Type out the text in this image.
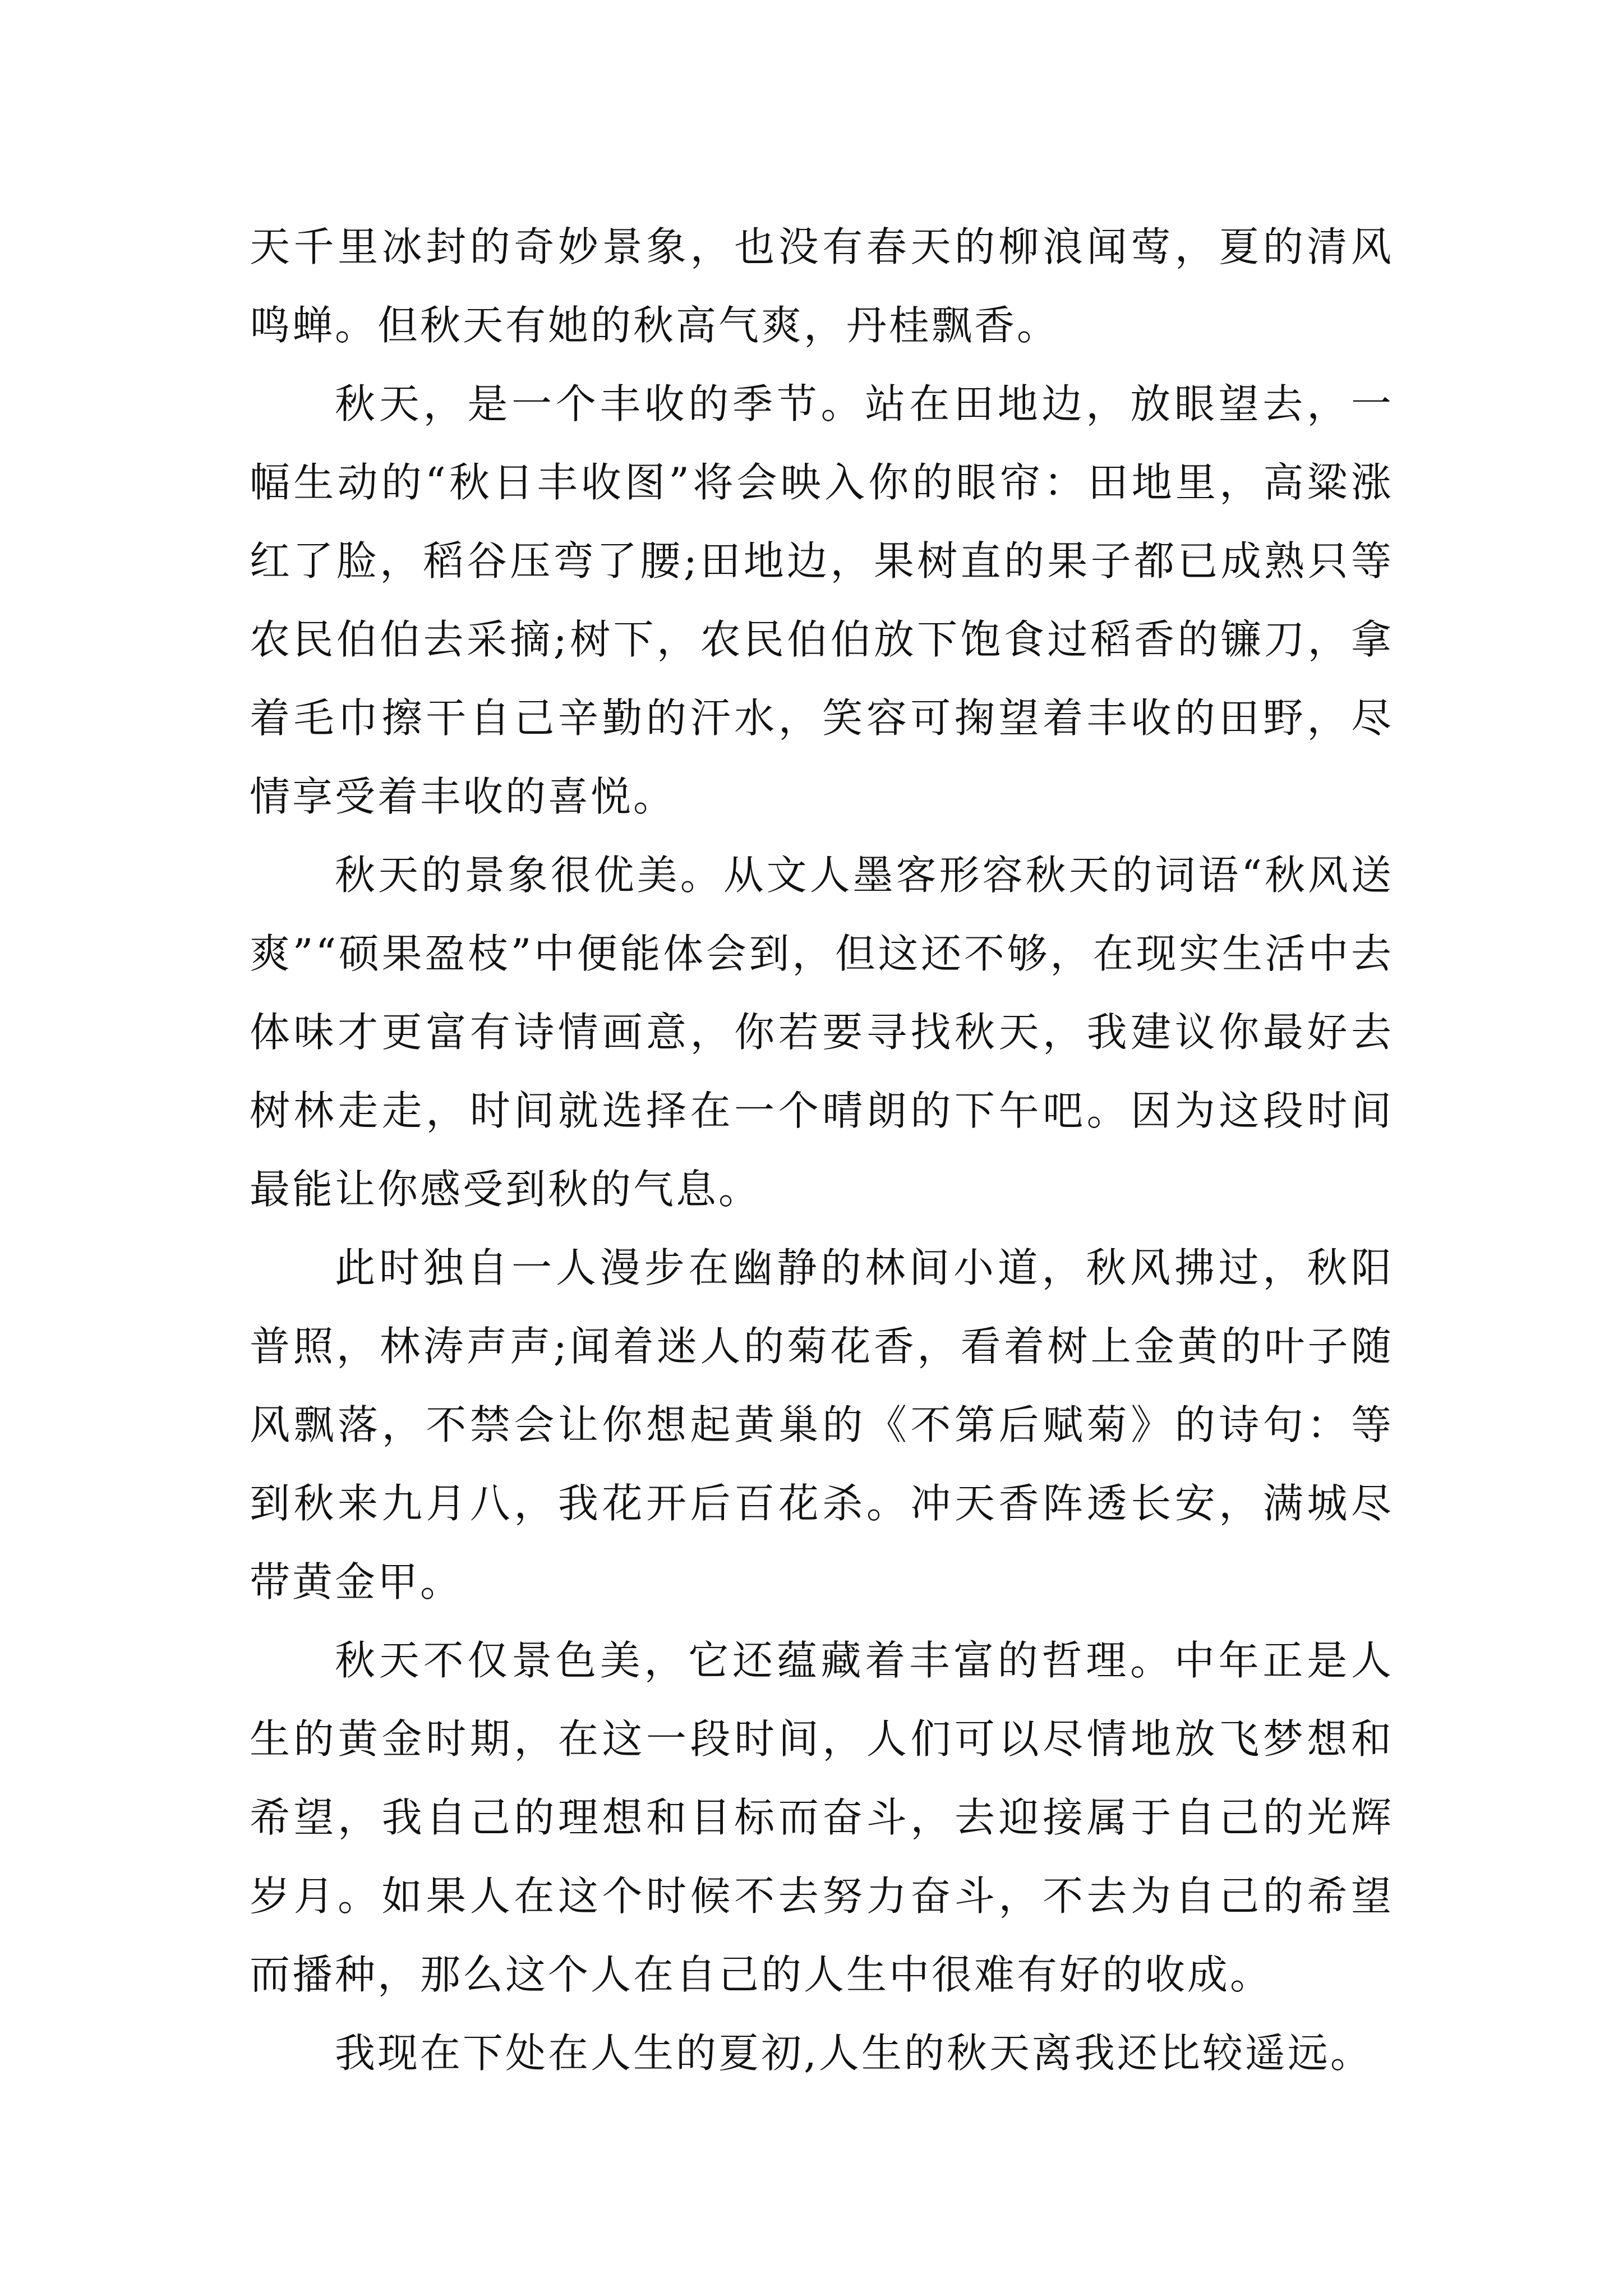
天千里冰封的奇妙景象，也没有春天的柳浪闻莺，夏的清风鸣蝉。但秋天有她的秋高气爽，丹桂飘香。

秋天，是一个丰收的季节。站在田地边，放眼望去，一幅生动的“秋日丰收图”将会映入你的眼帘：田地里，高粱涨红了脸，稻谷压弯了腰;田地边，果树直的果子都已成熟只等农民伯伯去采摘;树下，农民伯伯放下饱食过稻香的镰刀，拿着毛巾擦干自己辛勤的汗水，笑容可掬望着丰收的田野，尽情享受着丰收的喜悦。

秋天的景象很优美。从文人墨客形容秋天的词语“秋风送爽”“硕果盈枝”中便能体会到，但这还不够，在现实生活中去体味才更富有诗情画意，你若要寻找秋天，我建议你最好去树林走走，时间就选择在一个晴朗的下午吧。因为这段时间最能让你感受到秋的气息。

此时独自一人漫步在幽静的林间小道，秋风拂过，秋阳普照，林涛声声;闻着迷人的菊花香，看着树上金黄的叶子随风飘落，不禁会让你想起黄巢的《不第后赋菊》的诗句：等到秋来九月八，我花开后百花杀。冲天香阵透长安，满城尽带黄金甲。

秋天不仅景色美，它还蕴藏着丰富的哲理。中年正是人生的黄金时期，在这一段时间，人们可以尽情地放飞梦想和希望，我自己的理想和目标而奋斗，去迎接属于自己的光辉岁月。如果人在这个时候不去努力奋斗，不去为自己的希望而播种，那么这个人在自己的人生中很难有好的收成。

我现在下处在人生的夏初,人生的秋天离我还比较遥远。
